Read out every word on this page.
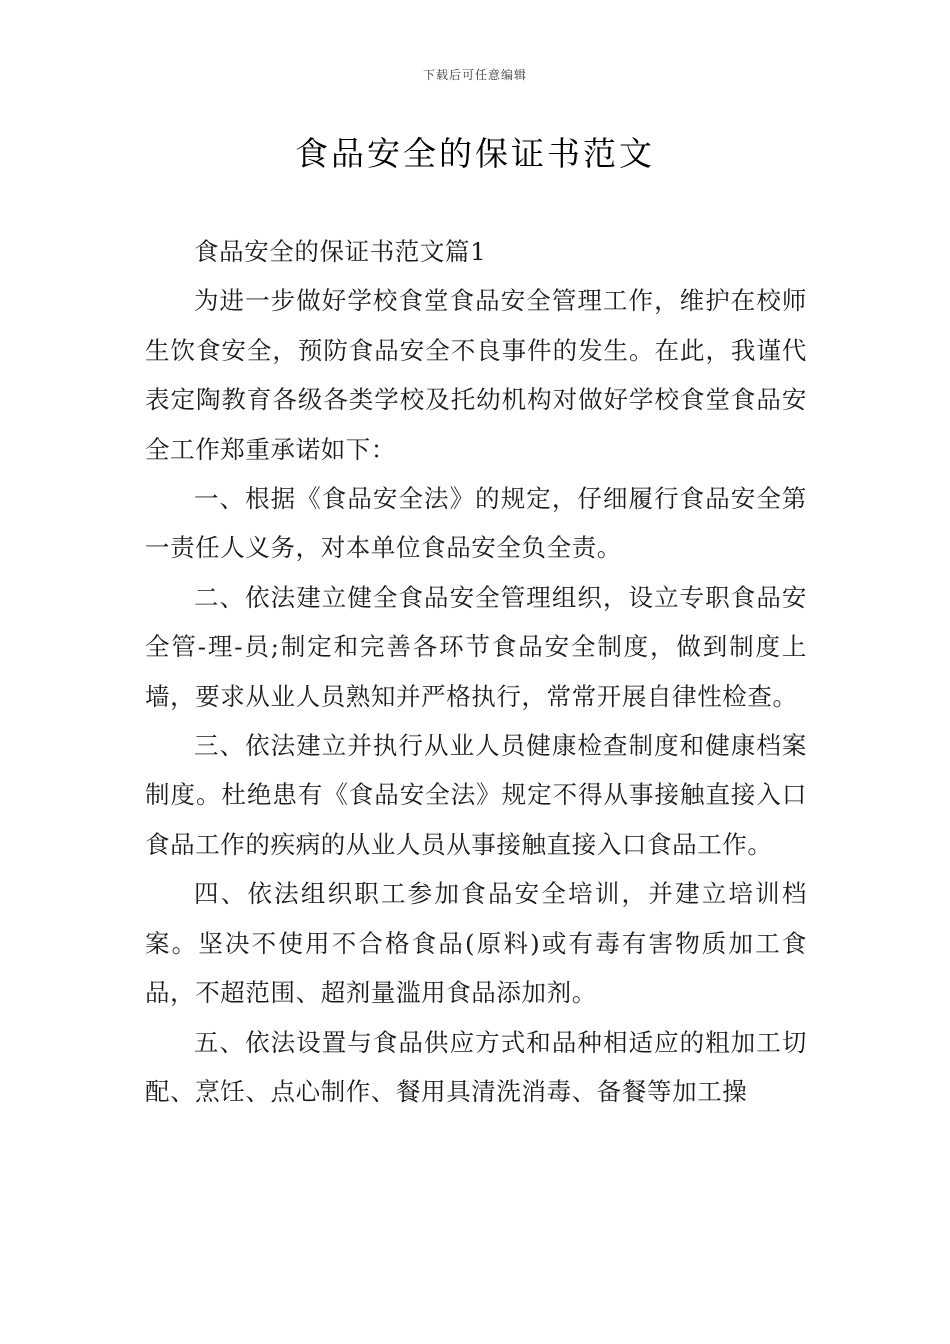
下载后可任意编辑
食品安全的保证书范文

食品安全的保证书范文篇1

为进一步做好学校食堂食品安全管理工作，维护在校师生饮食安全，预防食品安全不良事件的发生。在此，我谨代表定陶教育各级各类学校及托幼机构对做好学校食堂食品安全工作郑重承诺如下：

一、根据《食品安全法》的规定，仔细履行食品安全第一责任人义务，对本单位食品安全负全责。

二、依法建立健全食品安全管理组织，设立专职食品安全管-理-员;制定和完善各环节食品安全制度，做到制度上墙，要求从业人员熟知并严格执行，常常开展自律性检查。

三、依法建立并执行从业人员健康检查制度和健康档案制度。杜绝患有《食品安全法》规定不得从事接触直接入口食品工作的疾病的从业人员从事接触直接入口食品工作。

四、依法组织职工参加食品安全培训，并建立培训档案。坚决不使用不合格食品(原料)或有毒有害物质加工食品，不超范围、超剂量滥用食品添加剂。

五、依法设置与食品供应方式和品种相适应的粗加工切配、烹饪、点心制作、餐用具清洗消毒、备餐等加工操
